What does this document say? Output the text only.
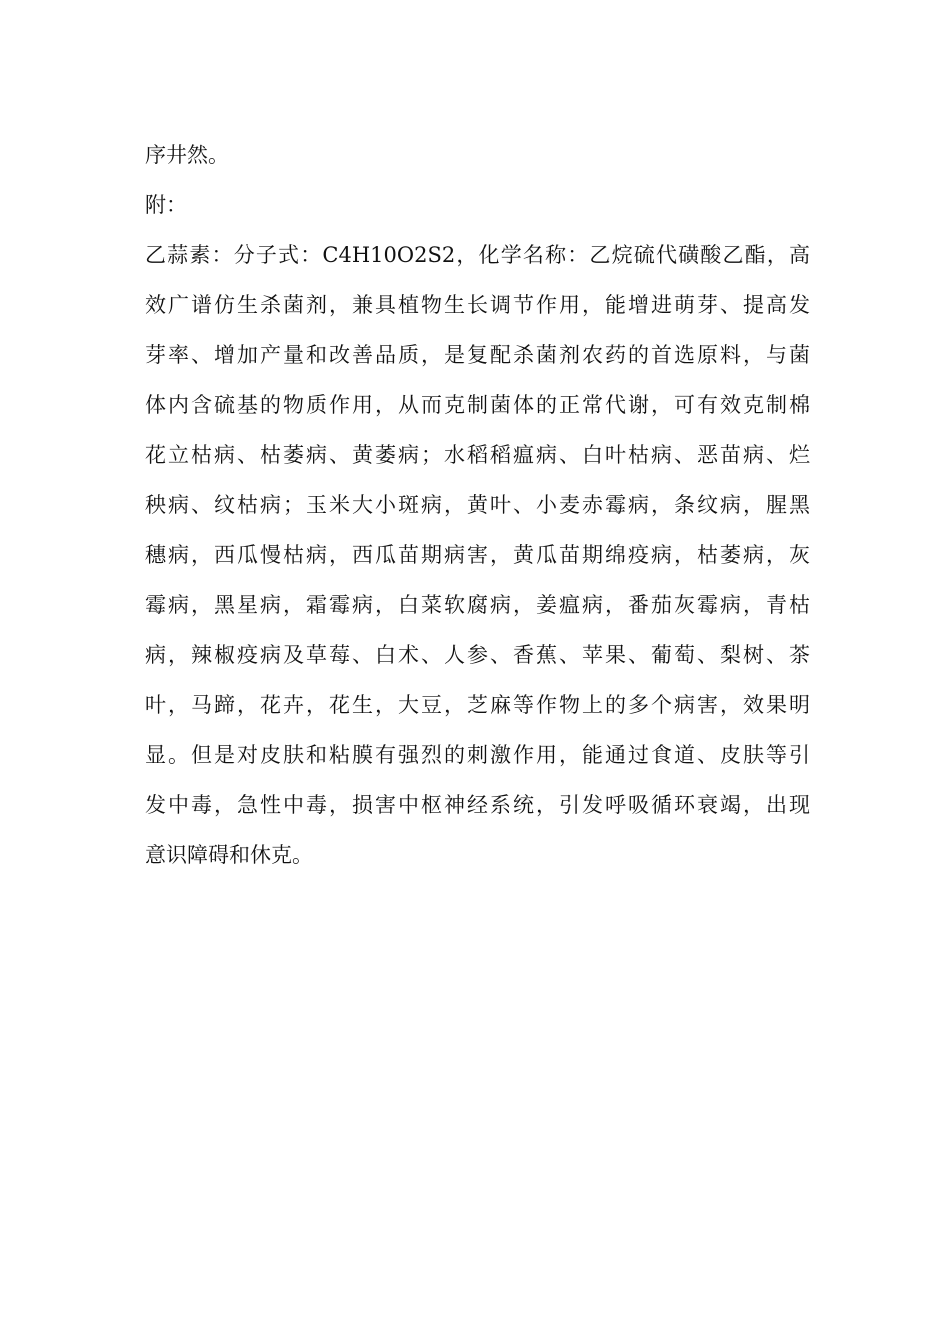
序井然。

附：

乙蒜素：分子式：C4H10O2S2，化学名称：乙烷硫代磺酸乙酯，高
效广谱仿生杀菌剂，兼具植物生长调节作用，能增进萌芽、提高发
芽率、增加产量和改善品质，是复配杀菌剂农药的首选原料，与菌
体内含硫基的物质作用，从而克制菌体的正常代谢，可有效克制棉
花立枯病、枯萎病、黄萎病；水稻稻瘟病、白叶枯病、恶苗病、烂
秧病、纹枯病；玉米大小斑病，黄叶、小麦赤霉病，条纹病，腥黑
穗病，西瓜慢枯病，西瓜苗期病害，黄瓜苗期绵疫病，枯萎病，灰
霉病，黑星病，霜霉病，白菜软腐病，姜瘟病，番茄灰霉病，青枯
病，辣椒疫病及草莓、白术、人参、香蕉、苹果、葡萄、梨树、茶
叶，马蹄，花卉，花生，大豆，芝麻等作物上的多个病害，效果明
显。但是对皮肤和粘膜有强烈的刺激作用，能通过食道、皮肤等引
发中毒，急性中毒，损害中枢神经系统，引发呼吸循环衰竭，出现
意识障碍和休克。
